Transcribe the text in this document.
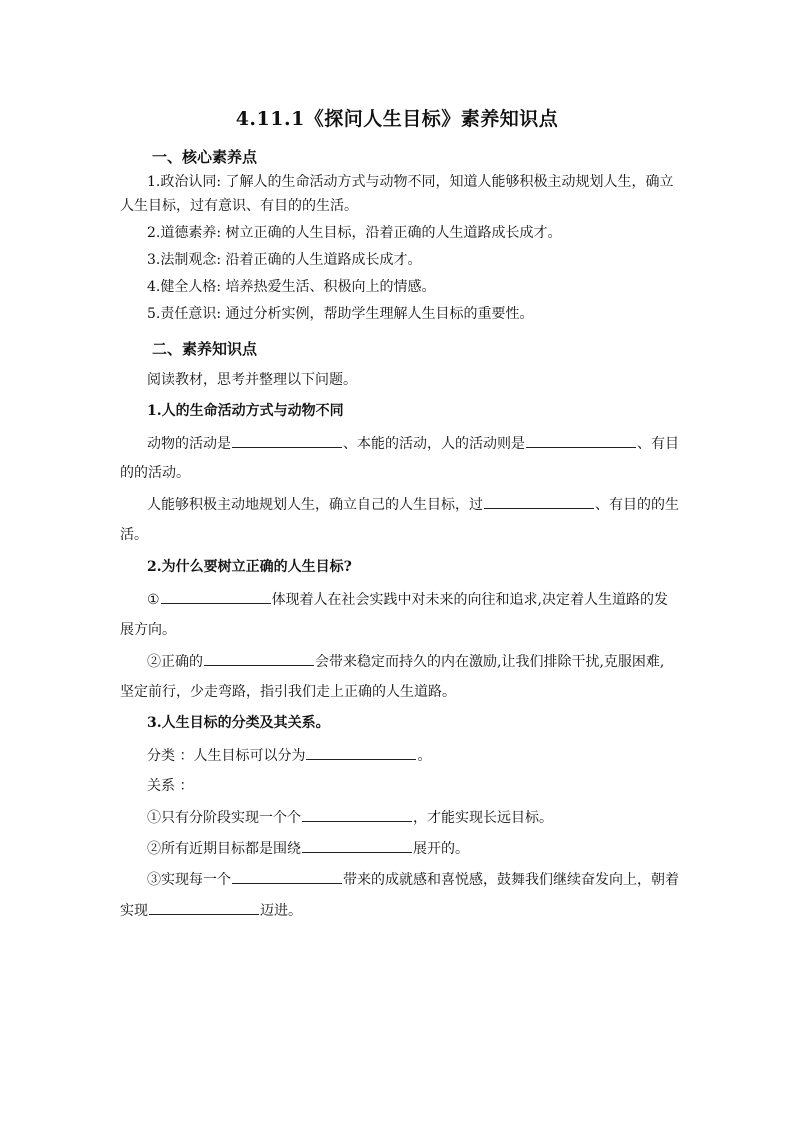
4.11.1《探问人生目标》素养知识点
一、核心素养点
1.政治认同: 了解人的生命活动方式与动物不同，知道人能够积极主动规划人生，确立
人生目标，过有意识、有目的的生活。
2.道德素养: 树立正确的人生目标，沿着正确的人生道路成长成才。
3.法制观念: 沿着正确的人生道路成长成才。
4.健全人格: 培养热爱生活、积极向上的情感。
5.责任意识: 通过分析实例，帮助学生理解人生目标的重要性。
二、素养知识点
阅读教材，思考并整理以下问题。
1.人的生命活动方式与动物不同
动物的活动是	、本能的活动，人的活动则是	、有目
的的活动。
人能够积极主动地规划人生，确立自己的人生目标，过	、有目的的生
活。
2.为什么要树立正确的人生目标?
①	体现着人在社会实践中对未来的向往和追求,决定着人生道路的发
展方向。
②正确的	会带来稳定而持久的内在激励,让我们排除干扰,克服困难,
坚定前行，少走弯路，指引我们走上正确的人生道路。
3.人生目标的分类及其关系。
分类 ：人生目标可以分为	。
关系 ：
①只有分阶段实现一个个	，才能实现长远目标。
②所有近期目标都是围绕	展开的。
③实现每一个	带来的成就感和喜悦感，鼓舞我们继续奋发向上，朝着
实现	迈进。
